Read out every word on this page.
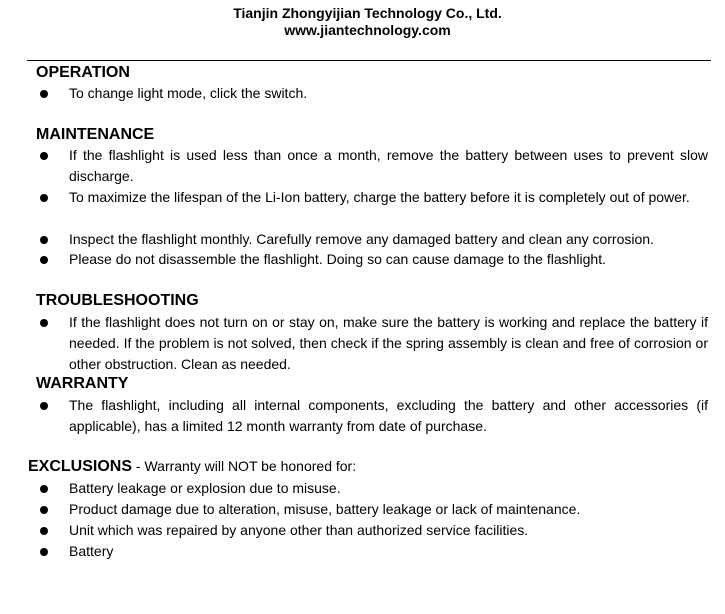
Tianjin Zhongyijian Technology Co., Ltd.
www.jiantechnology.com
OPERATION
To change light mode, click the switch.
MAINTENANCE
If the flashlight is used less than once a month, remove the battery between uses to prevent slow discharge.
To maximize the lifespan of the Li-Ion battery, charge the battery before it is completely out of power.
Inspect the flashlight monthly. Carefully remove any damaged battery and clean any corrosion.
Please do not disassemble the flashlight. Doing so can cause damage to the flashlight.
TROUBLESHOOTING
If the flashlight does not turn on or stay on, make sure the battery is working and replace the battery if needed. If the problem is not solved, then check if the spring assembly is clean and free of corrosion or other obstruction. Clean as needed.
WARRANTY
The flashlight, including all internal components, excluding the battery and other accessories (if applicable), has a limited 12 month warranty from date of purchase.
EXCLUSIONS - Warranty will NOT be honored for:
Battery leakage or explosion due to misuse.
Product damage due to alteration, misuse, battery leakage or lack of maintenance.
Unit which was repaired by anyone other than authorized service facilities.
Battery
